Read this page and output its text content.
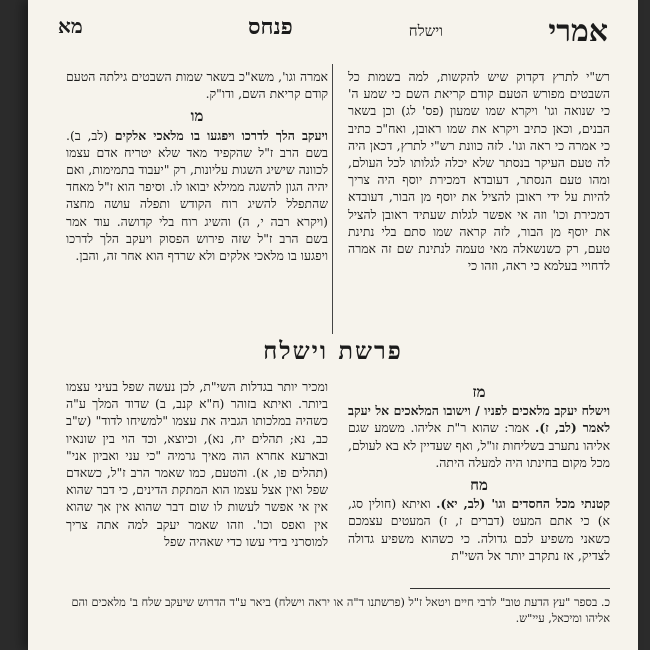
אמרי
וישלח
פנחס
מא

רש"י לתרץ דקדוק שיש להקשות, למה בשמות כל השבטים מפורש הטעם קודם קריאת השם כי שמע ה' כי שנואה וגו' ויקרא שמו שמעון (פס' לג) וכן בשאר הבנים, וכאן כתיב ויקרא את שמו ראובן, ואח"כ כתיב כי אמרה כי ראה וגו'. לזה כוונת רש"י לתרץ, דכאן היה לה טעם העיקר בנסתר שלא יכלה לגלותו לכל העולם, ומהו טעם הנסתר, דעובדא דמכירת יוסף היה צריך להיות על ידי ראובן להציל את יוסף מן הבור, דעובדא דמכירת וכו' וזה אי אפשר לגלות שעתיד ראובן להציל את יוסף מן הבור, לזה קראה שמו סתם בלי נתינת טעם, רק כשנשאלה מאי טעמה לנתינת שם זה אמרה לדחויי בעלמא כי ראה, וזהו כי

אמרה וגו', משא"כ בשאר שמות השבטים גילתה הטעם קודם קריאת השם, ודו"ק.

מו

ויעקב הלך לדרכו ויפגעו בו מלאכי אלקים (לב, ב). בשם הרב ז"ל שהקפיד מאד שלא יטריח אדם עצמו לכוונה שישיג השגות עליונות, רק "יעבוד בתמימות, ואם יהיה הגון להשגה ממילא יבואו לו. וסיפר הוא ז"ל מאחד שהתפלל להשיג רוח הקודש ותפלה עושה מחצה (ויקרא רבה י, ה) והשיג רוח בלי קדושה. עוד אמר בשם הרב ז"ל שזה פירוש הפסוק ויעקב הלך לדרכו ויפגעו בו מלאכי אלקים ולא שרדף הוא אחר זה, והבן.

פרשת וישלח
מז

וישלח יעקב מלאכים לפניו / וישובו המלאכים אל יעקב לאמר (לב, ז). אמר: שהוא ר"ת אליהו. משמע שגם אליהו נתערב בשליחות זו"ל, ואף שעדיין לא בא לעולם, מכל מקום בחינתו היה למעלה היתה.

מח

קטנתי מכל החסדים וגו' (לב, יא). ואיתא (חולין סג, א) כי אתם המעט (דברים ז, ז) המעטים עצמכם כשאני משפיע לכם גדולה. כי כשהוא משפיע גדולה לצדיק, אז נתקרב יותר אל השי"ת

ומכיר יותר בגדלות השי"ת, לכן נעשה שפל בעיני עצמו ביותר. ואיתא בזוהר (ח"א קנב, ב) שדוד המלך ע"ה כשהיה במלכותו הגביה את עצמו "למשיחו לדוד" (ש"ב כב, נא; תהלים יח, נא), וכיוצא, וכד הוי בין שונאיו ובארעא אחרא הוה מאיך גרמיה "כי עני ואביון אני" (תהלים פו, א). והטעם, כמו שאמר הרב ז"ל, כשאדם שפל ואין אצל עצמו הוא המתקת הדינים, כי דבר שהוא אין אי אפשר לעשות לו שום דבר שהוא אין אך שהוא אין ואפס וכו'. וזהו שאמר יעקב למה אתה צריך למוסרני בידי עשו כדי שאהיה שפל

כ. בספר "עץ הדעת טוב" לרבי חיים ויטאל ז"ל (פרשתנו ד"ה או יראה וישלח) ביאר ע"ד הדרוש שיעקב שלח ב' מלאכים והם אליהו ומיכאל, עיי"ש.
